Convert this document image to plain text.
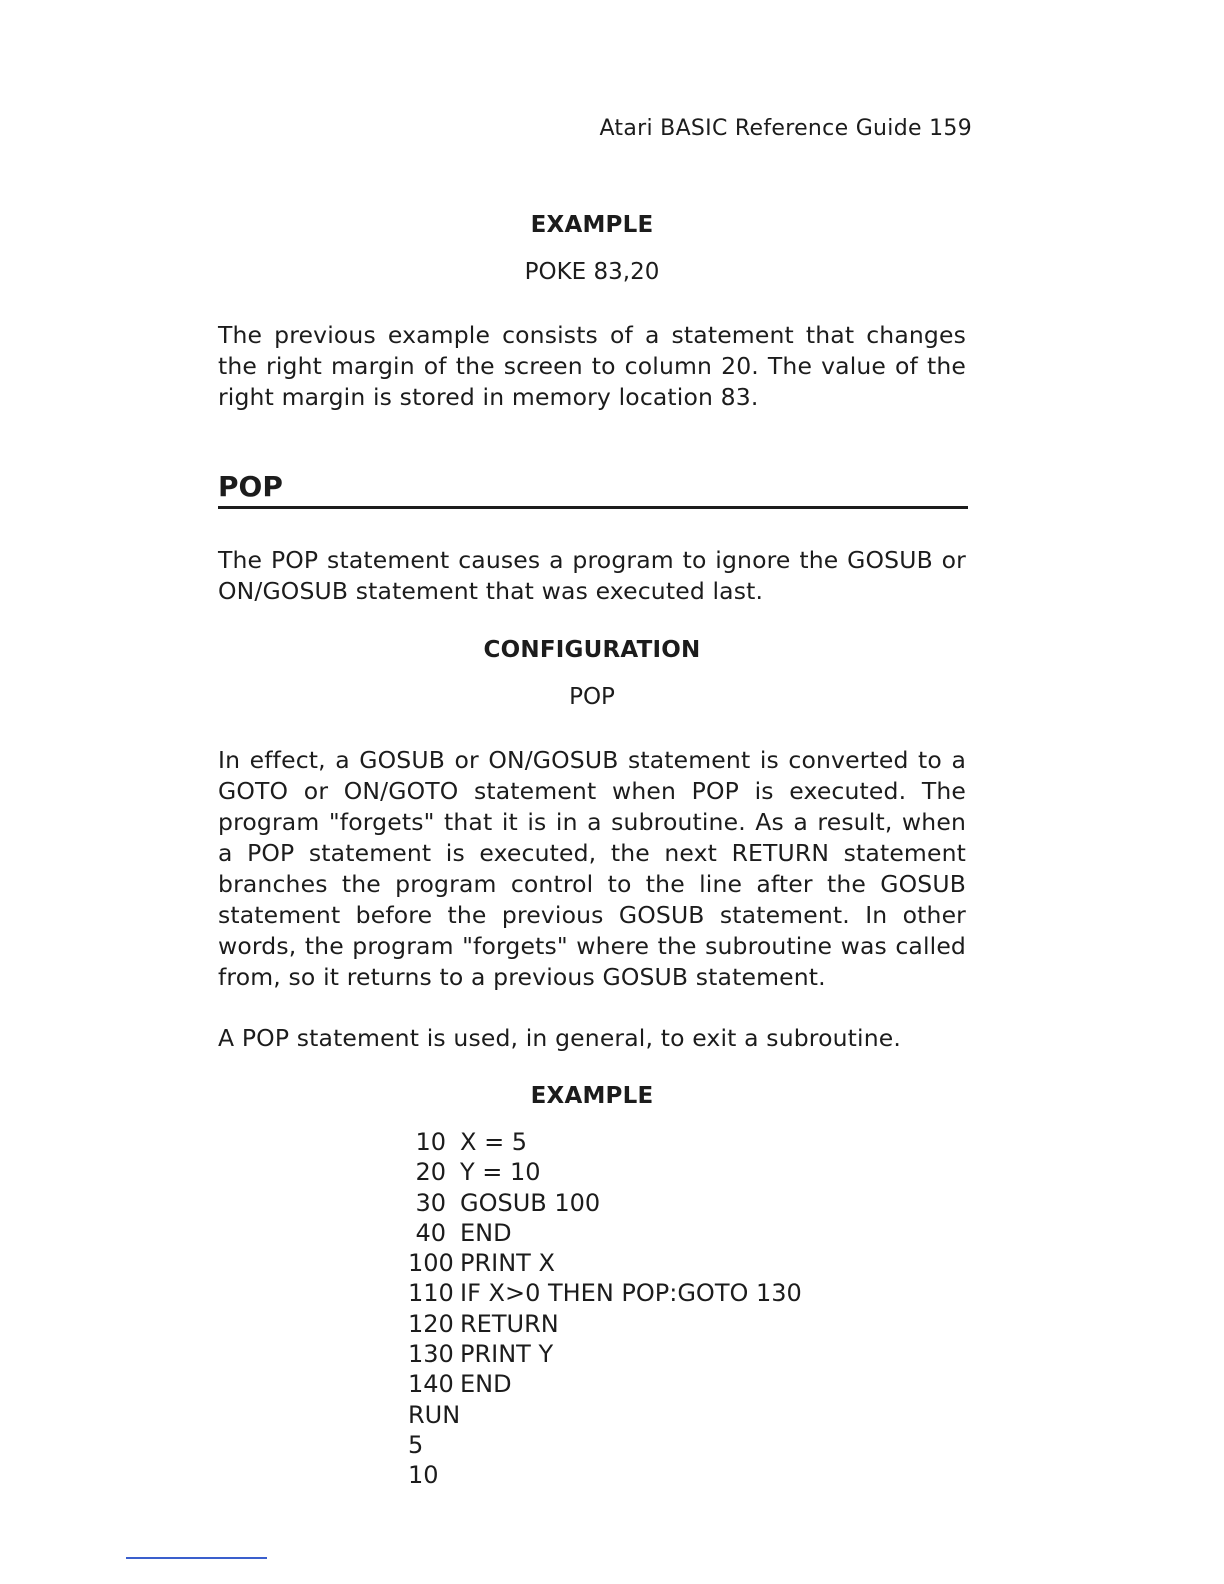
Atari BASIC Reference Guide 159
EXAMPLE
POKE 83,20

The previous example consists of a statement that changes the right margin of the screen to column 20. The value of the right margin is stored in memory location 83.

POP

The POP statement causes a program to ignore the GOSUB or ON/GOSUB statement that was executed last.

CONFIGURATION
POP

In effect, a GOSUB or ON/GOSUB statement is converted to a GOTO or ON/GOTO statement when POP is executed. The program "forgets" that it is in a subroutine. As a result, when a POP statement is executed, the next RETURN statement branches the program control to the line after the GOSUB statement before the previous GOSUB statement. In other words, the program "forgets" where the subroutine was called from, so it returns to a previous GOSUB statement.

A POP statement is used, in general, to exit a subroutine.

EXAMPLE
10 X = 5
20 Y = 10
30 GOSUB 100
40 END
100 PRINT X
110 IF X>0 THEN POP:GOTO 130
120 RETURN
130 PRINT Y
140 END
RUN
5
10
